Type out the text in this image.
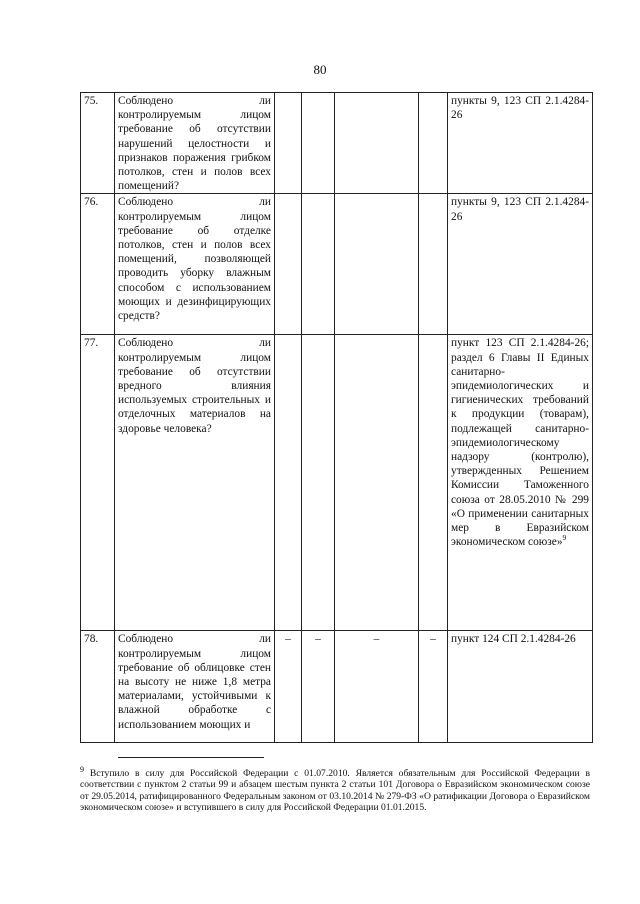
80
75.	Соблюдено ли контролируемым лицом требование об отсутствии нарушений целостности и признаков поражения грибком потолков, стен и полов всех помещений?					пункты 9, 123 СП 2.1.4284-26
76.	Соблюдено ли контролируемым лицом требование об отделке потолков, стен и полов всех помещений, позволяющей проводить уборку влажным способом с использованием моющих и дезинфицирующих средств?					пункты 9, 123 СП 2.1.4284-26
77.	Соблюдено ли контролируемым лицом требование об отсутствии вредного влияния используемых строительных и отделочных материалов на здоровье человека?					пункт 123 СП 2.1.4284-26; раздел 6 Главы II Единых санитарно-эпидемиологических и гигиенических требований к продукции (товарам), подлежащей санитарно-эпидемиологическому надзору (контролю), утвержденных Решением Комиссии Таможенного союза от 28.05.2010 № 299 «О применении санитарных мер в Евразийском экономическом союзе»$^9$
78.	Соблюдено ли контролируемым лицом требование об облицовке стен на высоту не ниже 1,8 метра материалами, устойчивыми к влажной обработке с использованием моющих и	–	–	–	–	пункт 124 СП 2.1.4284-26
$^9$ Вступило в силу для Российской Федерации с 01.07.2010. Является обязательным для Российской Федерации в соответствии с пунктом 2 статьи 99 и абзацем шестым пункта 2 статьи 101 Договора о Евразийском экономическом союзе от 29.05.2014, ратифицированного Федеральным законом от 03.10.2014 № 279-ФЗ «О ратификации Договора о Евразийском экономическом союзе» и вступившего в силу для Российской Федерации 01.01.2015.
